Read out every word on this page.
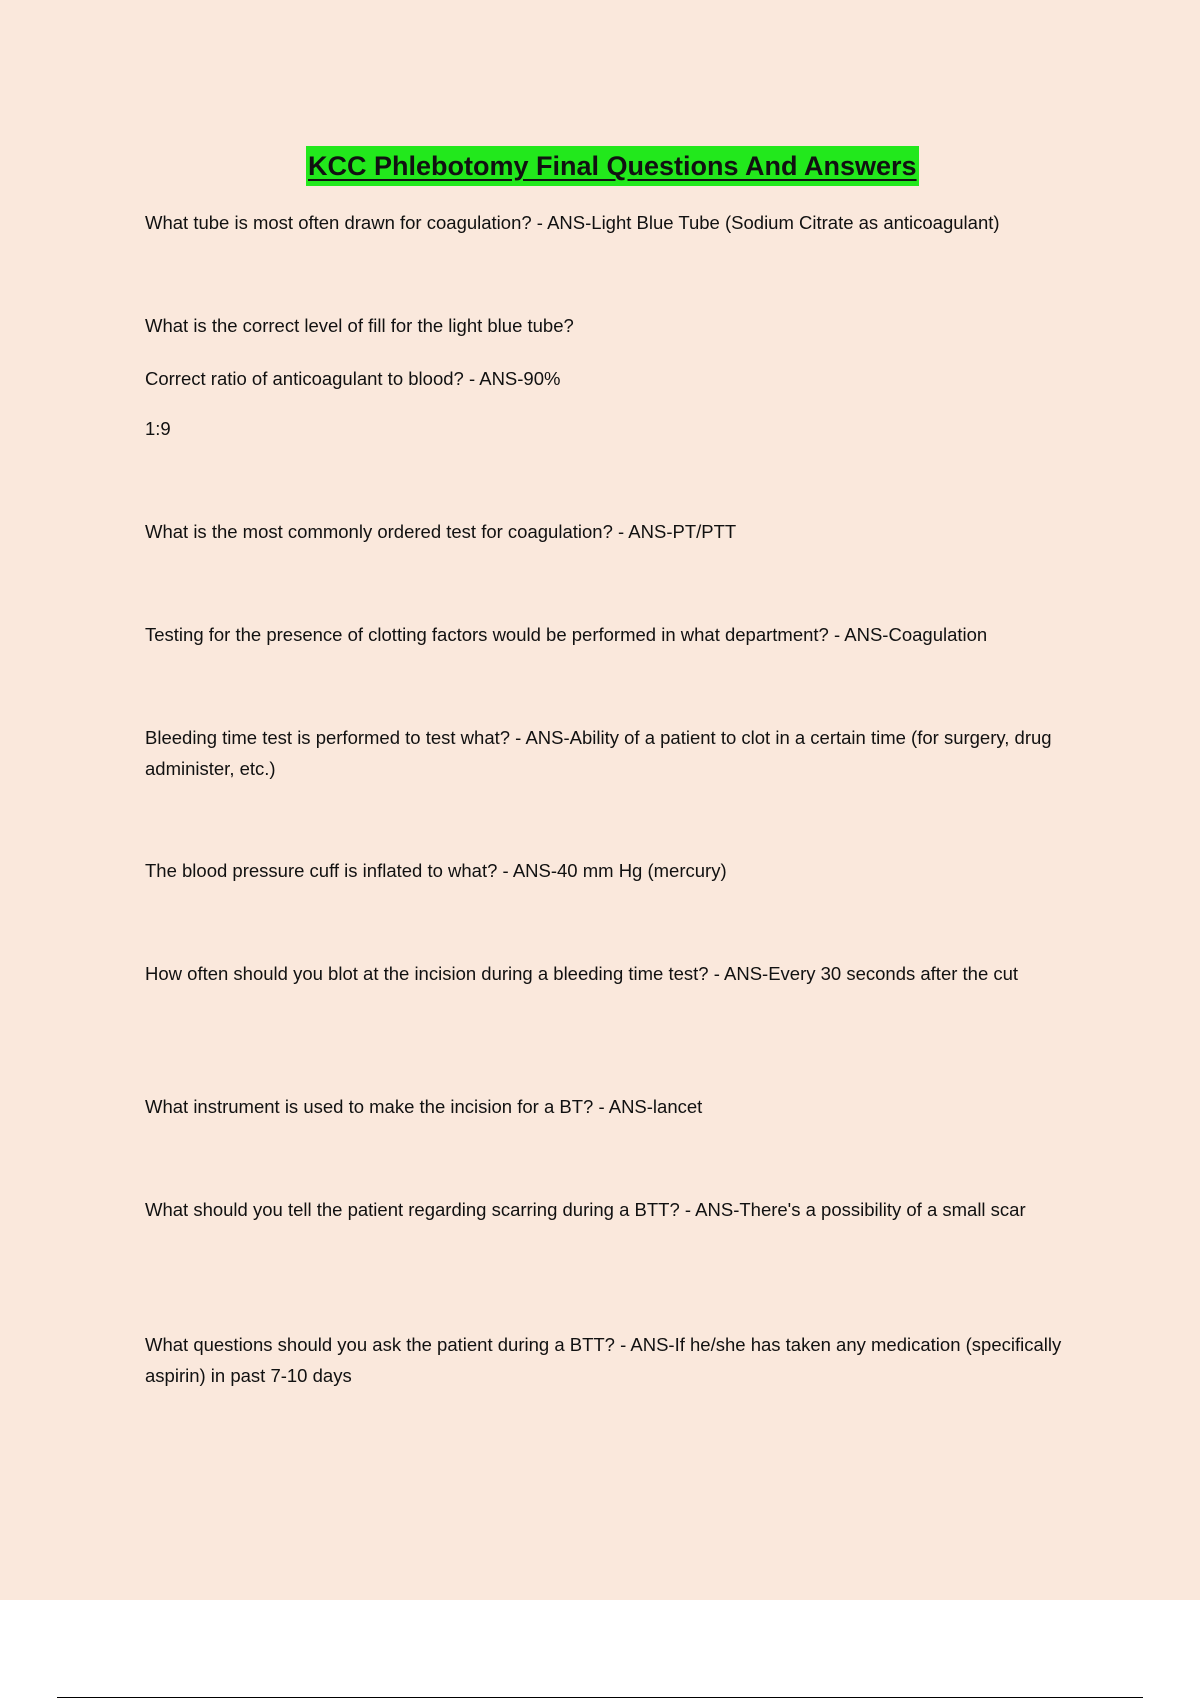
KCC Phlebotomy Final Questions And Answers

What tube is most often drawn for coagulation? - ANS-Light Blue Tube (Sodium Citrate as anticoagulant)

What is the correct level of fill for the light blue tube?

Correct ratio of anticoagulant to blood? - ANS-90%

1:9

What is the most commonly ordered test for coagulation? - ANS-PT/PTT

Testing for the presence of clotting factors would be performed in what department? - ANS-Coagulation

Bleeding time test is performed to test what? - ANS-Ability of a patient to clot in a certain time (for surgery, drug administer, etc.)

The blood pressure cuff is inflated to what? - ANS-40 mm Hg (mercury)

How often should you blot at the incision during a bleeding time test? - ANS-Every 30 seconds after the cut

What instrument is used to make the incision for a BT? - ANS-lancet

What should you tell the patient regarding scarring during a BTT? - ANS-There's a possibility of a small scar

What questions should you ask the patient during a BTT? - ANS-If he/she has taken any medication (specifically aspirin) in past 7-10 days
